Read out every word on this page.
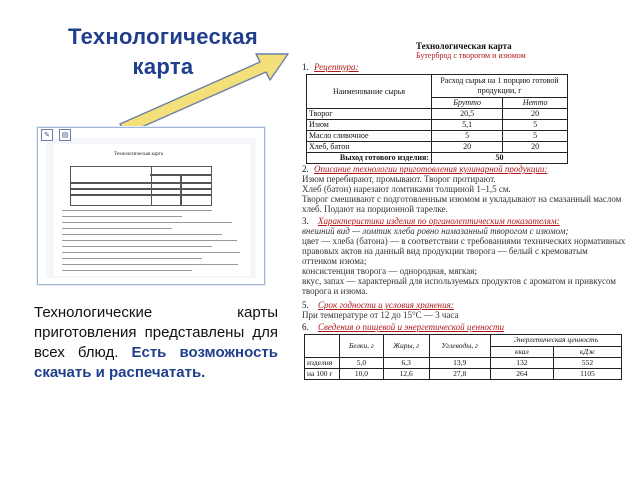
Технологическая
карта
Технологическая карта
✎	▤
Технологические карты приготовления представлены для всех блюд. Есть возможность скачать и распечатать.
Технологическая карта
Бутерброд с творогом и изюмом
1. Рецептура:
Наименование сырья	Расход сырья на 1 порцию готовой продукции, г	
	Брутто	Нетто
Творог	20,5	20
Изюм	5,1	5
Масло сливочное	5	5
Хлеб, батон	20	20
Выход готового изделия:	50	
2. Описание технологии приготовления кулинарной продукции:
Изюм перебирают, промывают. Творог протирают.
Хлеб (батон) нарезают ломтиками толщиной 1–1,5 см.
Творог смешивают с подготовленным изюмом и укладывают на смазанный маслом
хлеб. Подают на порционной тарелке.
3. Характеристика изделия по органолептическим показателям:
внешний вид — ломтик хлеба ровно намазанный творогом с изюмом;
цвет — хлеба (батона) — в соответствии с требованиями технических нормативных
правовых актов на данный вид продукции творога — белый с кремоватым
оттенком изюма;
консистенция творога — однородная, мягкая;
вкус, запах — характерный для используемых продуктов с ароматом и привкусом
творога и изюма.
5. Срок годности и условия хранения:
При температуре от 12 до 15°С — 3 часа
6. Сведения о пищевой и энергетической ценности
	Белки, г	Жиры, г	Углеводы, г	Энергетическая ценность	
				ккал	кДж
изделия	5,0	6,3	13,9	132	552
на 100 г	10,0	12,6	27,8	264	1105
